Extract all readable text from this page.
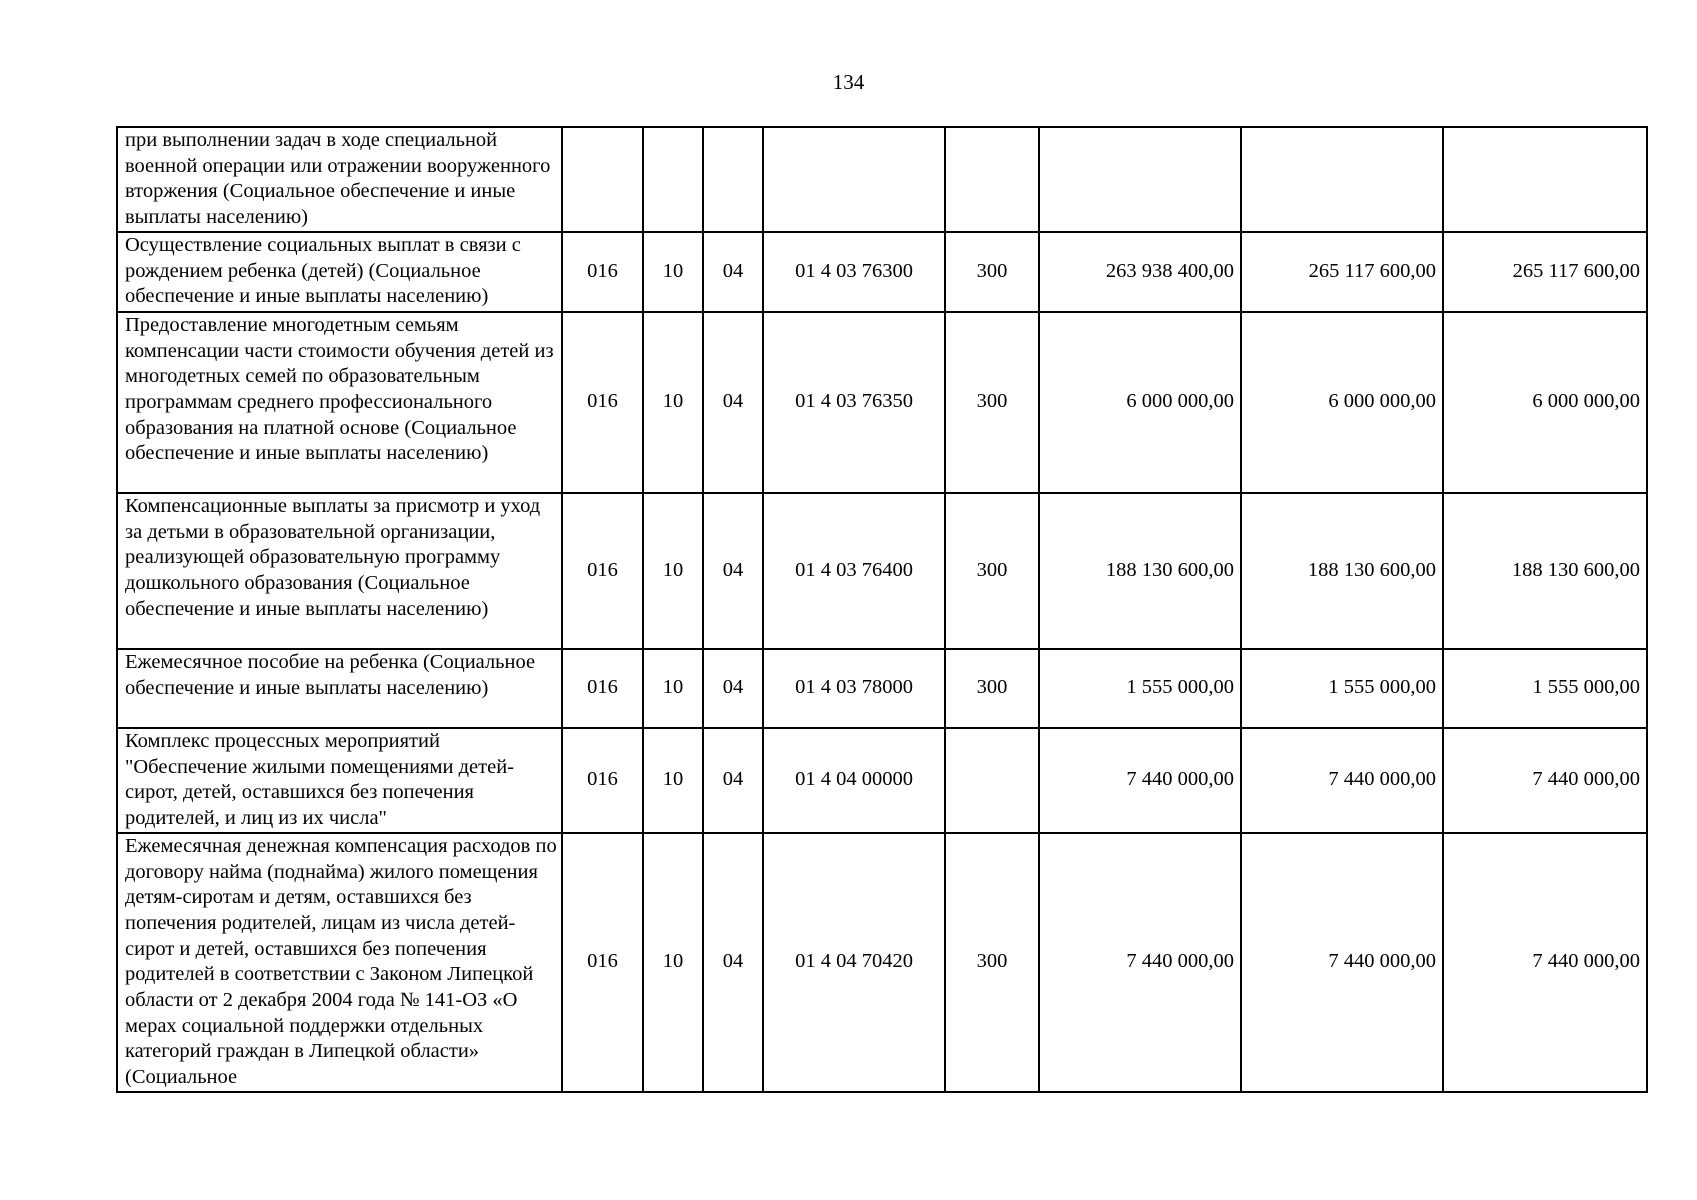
134
при выполнении задач в ходе специальной военной операции или отражении вооруженного вторжения (Социальное обеспечение и иные выплаты населению)								
Осуществление социальных выплат в связи с рождением ребенка (детей) (Социальное обеспечение и иные выплаты населению)	016	10	04	01 4 03 76300	300	263 938 400,00	265 117 600,00	265 117 600,00
Предоставление многодетным семьям компенсации части стоимости обучения детей из многодетных семей по образовательным программам среднего профессионального образования на платной основе (Социальное обеспечение и иные выплаты населению)	016	10	04	01 4 03 76350	300	6 000 000,00	6 000 000,00	6 000 000,00
Компенсационные выплаты за присмотр и уход за детьми в образовательной организации, реализующей образовательную программу дошкольного образования (Социальное обеспечение и иные выплаты населению)	016	10	04	01 4 03 76400	300	188 130 600,00	188 130 600,00	188 130 600,00
Ежемесячное пособие на ребенка (Социальное обеспечение и иные выплаты населению)	016	10	04	01 4 03 78000	300	1 555 000,00	1 555 000,00	1 555 000,00
Комплекс процессных мероприятий "Обеспечение жилыми помещениями детей-сирот, детей, оставшихся без попечения родителей, и лиц из их числа"	016	10	04	01 4 04 00000		7 440 000,00	7 440 000,00	7 440 000,00
Ежемесячная денежная компенсация расходов по договору найма (поднайма) жилого помещения детям-сиротам и детям, оставшихся без попечения родителей, лицам из числа детей-сирот и детей, оставшихся без попечения родителей в соответствии с Законом Липецкой области от 2 декабря 2004 года № 141-ОЗ «О мерах социальной поддержки отдельных категорий граждан в Липецкой области» (Социальное	016	10	04	01 4 04 70420	300	7 440 000,00	7 440 000,00	7 440 000,00
